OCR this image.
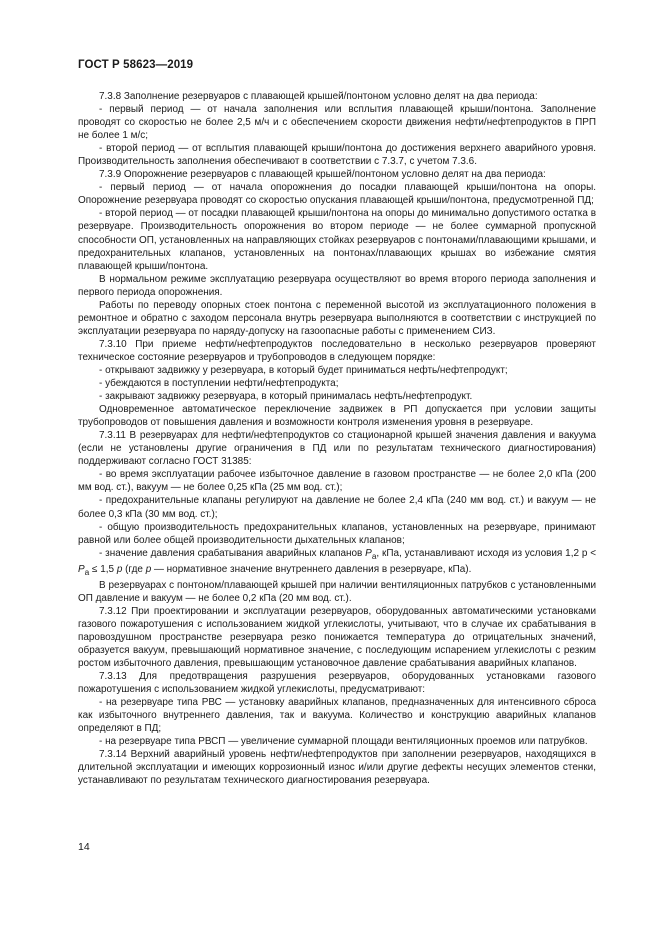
ГОСТ Р 58623—2019

7.3.8 Заполнение резервуаров с плавающей крышей/понтоном условно делят на два периода:

- первый период — от начала заполнения или всплытия плавающей крыши/понтона. Заполнение проводят со скоростью не более 2,5 м/ч и с обеспечением скорости движения нефти/нефтепродуктов в ПРП не более 1 м/с;

- второй период — от всплытия плавающей крыши/понтона до достижения верхнего аварийного уровня. Производительность заполнения обеспечивают в соответствии с 7.3.7, с учетом 7.3.6.

7.3.9 Опорожнение резервуаров с плавающей крышей/понтоном условно делят на два периода:

- первый период — от начала опорожнения до посадки плавающей крыши/понтона на опоры. Опорожнение резервуара проводят со скоростью опускания плавающей крыши/понтона, предусмотренной ПД;

- второй период — от посадки плавающей крыши/понтона на опоры до минимально допустимого остатка в резервуаре. Производительность опорожнения во втором периоде — не более суммарной пропускной способности ОП, установленных на направляющих стойках резервуаров с понтонами/плавающими крышами, и предохранительных клапанов, установленных на понтонах/плавающих крышах во избежание смятия плавающей крыши/понтона.

В нормальном режиме эксплуатацию резервуара осуществляют во время второго периода заполнения и первого периода опорожнения.

Работы по переводу опорных стоек понтона с переменной высотой из эксплуатационного положения в ремонтное и обратно с заходом персонала внутрь резервуара выполняются в соответствии с инструкцией по эксплуатации резервуара по наряду-допуску на газоопасные работы с применением СИЗ.

7.3.10 При приеме нефти/нефтепродуктов последовательно в несколько резервуаров проверяют техническое состояние резервуаров и трубопроводов в следующем порядке:

- открывают задвижку у резервуара, в который будет приниматься нефть/нефтепродукт;

- убеждаются в поступлении нефти/нефтепродукта;

- закрывают задвижку резервуара, в который принималась нефть/нефтепродукт.

Одновременное автоматическое переключение задвижек в РП допускается при условии защиты трубопроводов от повышения давления и возможности контроля изменения уровня в резервуаре.

7.3.11 В резервуарах для нефти/нефтепродуктов со стационарной крышей значения давления и вакуума (если не установлены другие ограничения в ПД или по результатам технического диагностирования) поддерживают согласно ГОСТ 31385:

- во время эксплуатации рабочее избыточное давление в газовом пространстве — не более 2,0 кПа (200 мм вод. ст.), вакуум — не более 0,25 кПа (25 мм вод. ст.);

- предохранительные клапаны регулируют на давление не более 2,4 кПа (240 мм вод. ст.) и вакуум — не более 0,3 кПа (30 мм вод. ст.);

- общую производительность предохранительных клапанов, установленных на резервуаре, принимают равной или более общей производительности дыхательных клапанов;

- значение давления срабатывания аварийных клапанов $P_a$, кПа, устанавливают исходя из условия 1,2 $р < P_a \le 1,5$ р (где р — нормативное значение внутреннего давления в резервуаре, кПа).

В резервуарах с понтоном/плавающей крышей при наличии вентиляционных патрубков с установленными ОП давление и вакуум — не более 0,2 кПа (20 мм вод. ст.).

7.3.12 При проектировании и эксплуатации резервуаров, оборудованных автоматическими установками газового пожаротушения с использованием жидкой углекислоты, учитывают, что в случае их срабатывания в паровоздушном пространстве резервуара резко понижается температура до отрицательных значений, образуется вакуум, превышающий нормативное значение, с последующим испарением углекислоты с резким ростом избыточного давления, превышающим установочное давление срабатывания аварийных клапанов.

7.3.13 Для предотвращения разрушения резервуаров, оборудованных установками газового пожаротушения с использованием жидкой углекислоты, предусматривают:

- на резервуаре типа РВС — установку аварийных клапанов, предназначенных для интенсивного сброса как избыточного внутреннего давления, так и вакуума. Количество и конструкцию аварийных клапанов определяют в ПД;

- на резервуаре типа РВСП — увеличение суммарной площади вентиляционных проемов или патрубков.

7.3.14 Верхний аварийный уровень нефти/нефтепродуктов при заполнении резервуаров, находящихся в длительной эксплуатации и имеющих коррозионный износ и/или другие дефекты несущих элементов стенки, устанавливают по результатам технического диагностирования резервуара.

14
